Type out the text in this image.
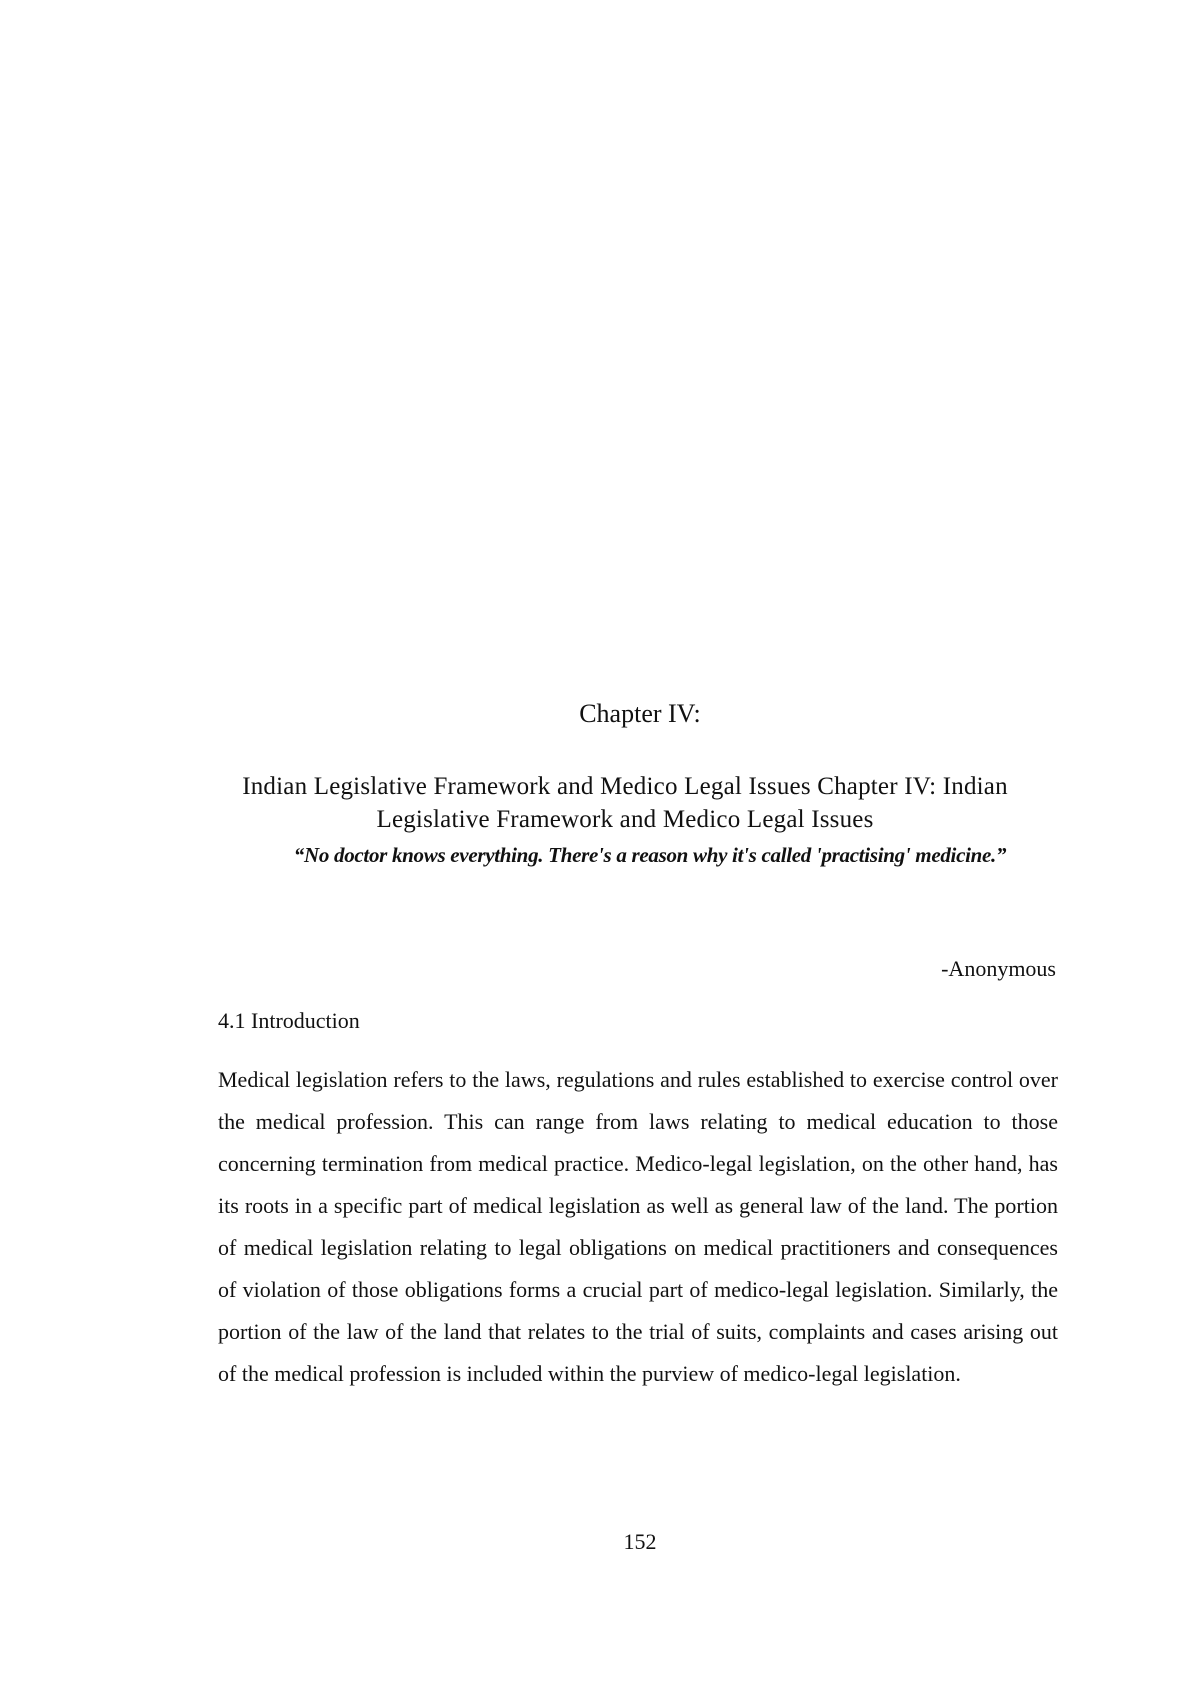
Chapter IV:
Indian Legislative Framework and Medico Legal Issues Chapter IV: Indian Legislative Framework and Medico Legal Issues
“No doctor knows everything. There's a reason why it's called 'practising' medicine.”
-Anonymous
4.1 Introduction
Medical legislation refers to the laws, regulations and rules established to exercise control over the medical profession. This can range from laws relating to medical education to those concerning termination from medical practice. Medico-legal legislation, on the other hand, has its roots in a specific part of medical legislation as well as general law of the land. The portion of medical legislation relating to legal obligations on medical practitioners and consequences of violation of those obligations forms a crucial part of medico-legal legislation. Similarly, the portion of the law of the land that relates to the trial of suits, complaints and cases arising out of the medical profession is included within the purview of medico-legal legislation.
152
